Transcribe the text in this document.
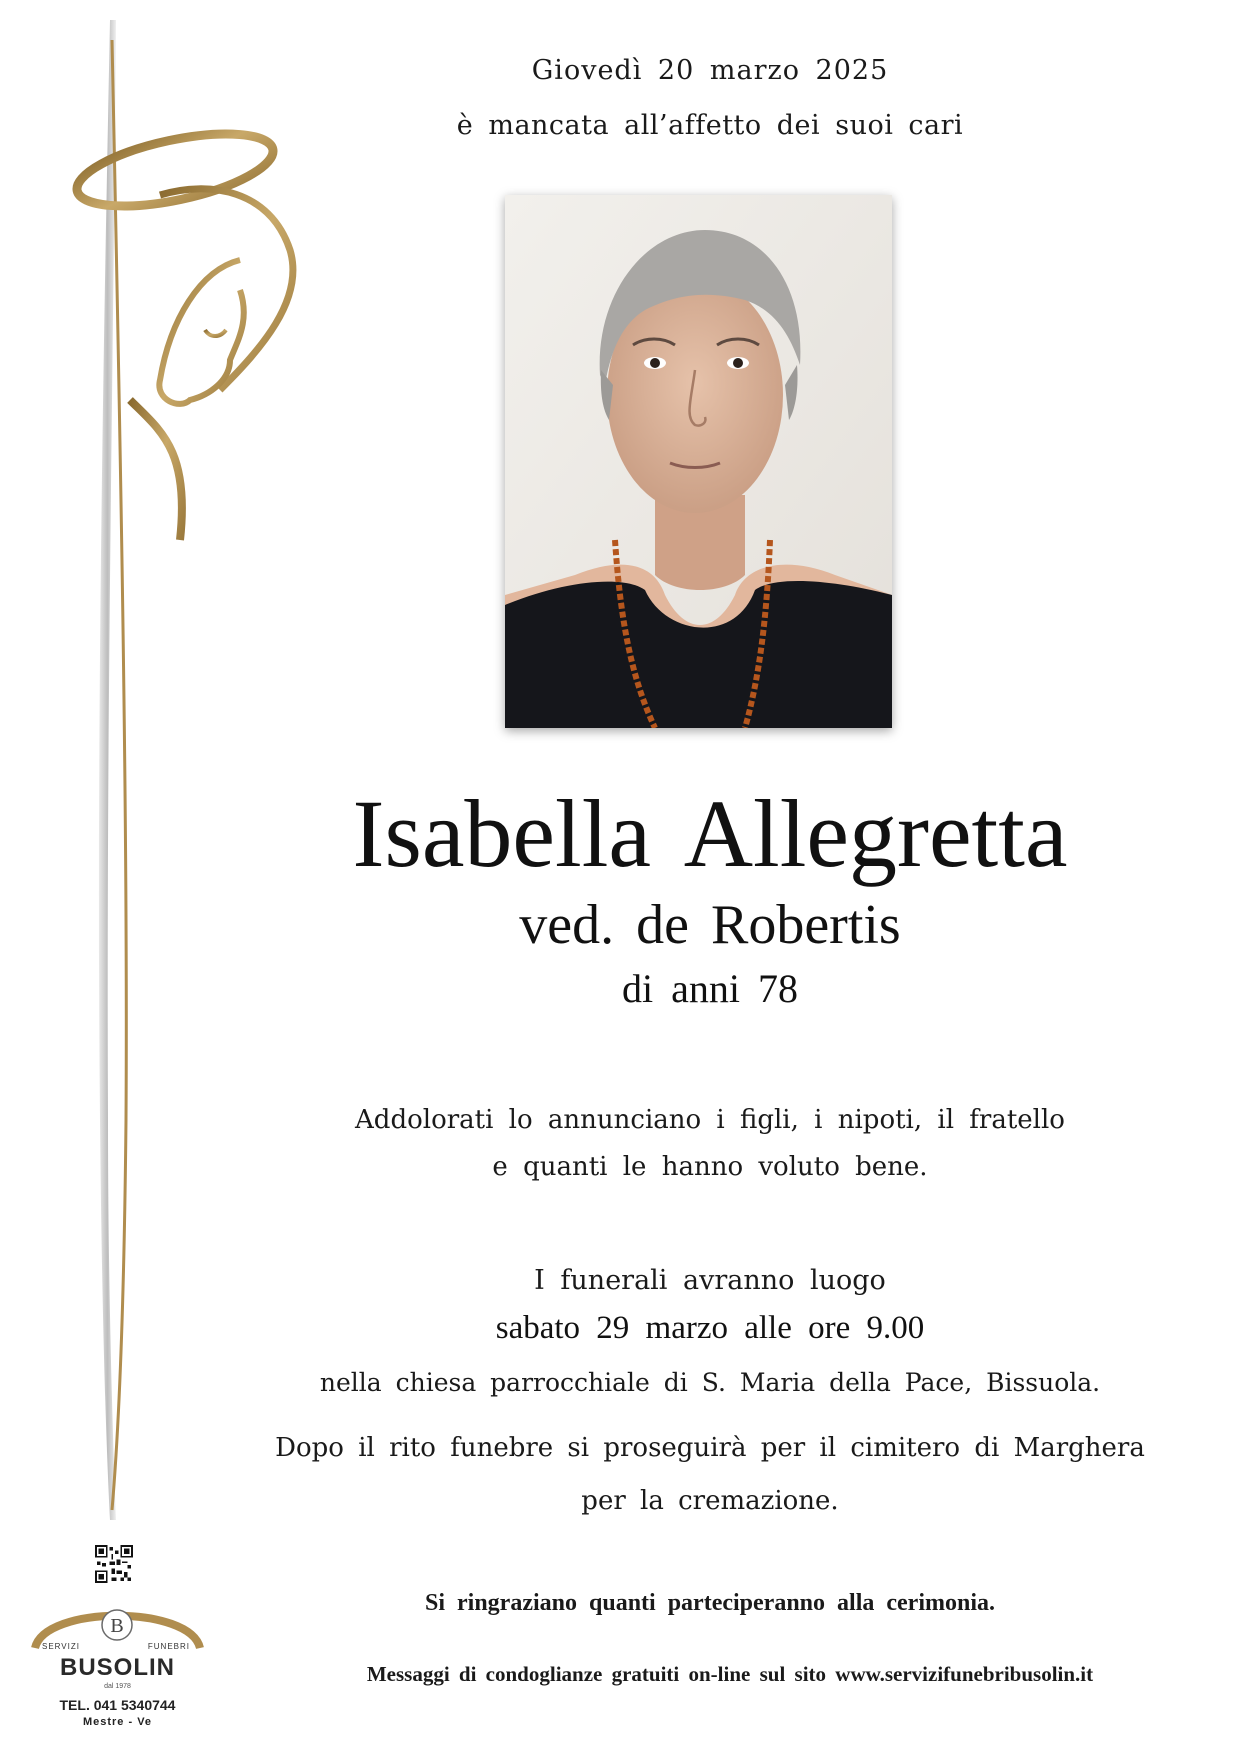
Giovedì 20 marzo 2025
è mancata all’affetto dei suoi cari
Isabella Allegretta
ved. de Robertis
di anni 78
Addolorati lo annunciano i figli, i nipoti, il fratello
e quanti le hanno voluto bene.
I funerali avranno luogo
sabato 29 marzo alle ore 9.00
nella chiesa parrocchiale di S. Maria della Pace, Bissuola.
Dopo il rito funebre si proseguirà per il cimitero di Marghera
per la cremazione.
Si ringraziano quanti parteciperanno alla cerimonia.
Messaggi di condoglianze gratuiti on-line sul sito www.servizifunebribusolin.it
B
SERVIZI	FUNEBRI
BUSOLIN
dal 1978
TEL. 041 5340744
Mestre - Ve
